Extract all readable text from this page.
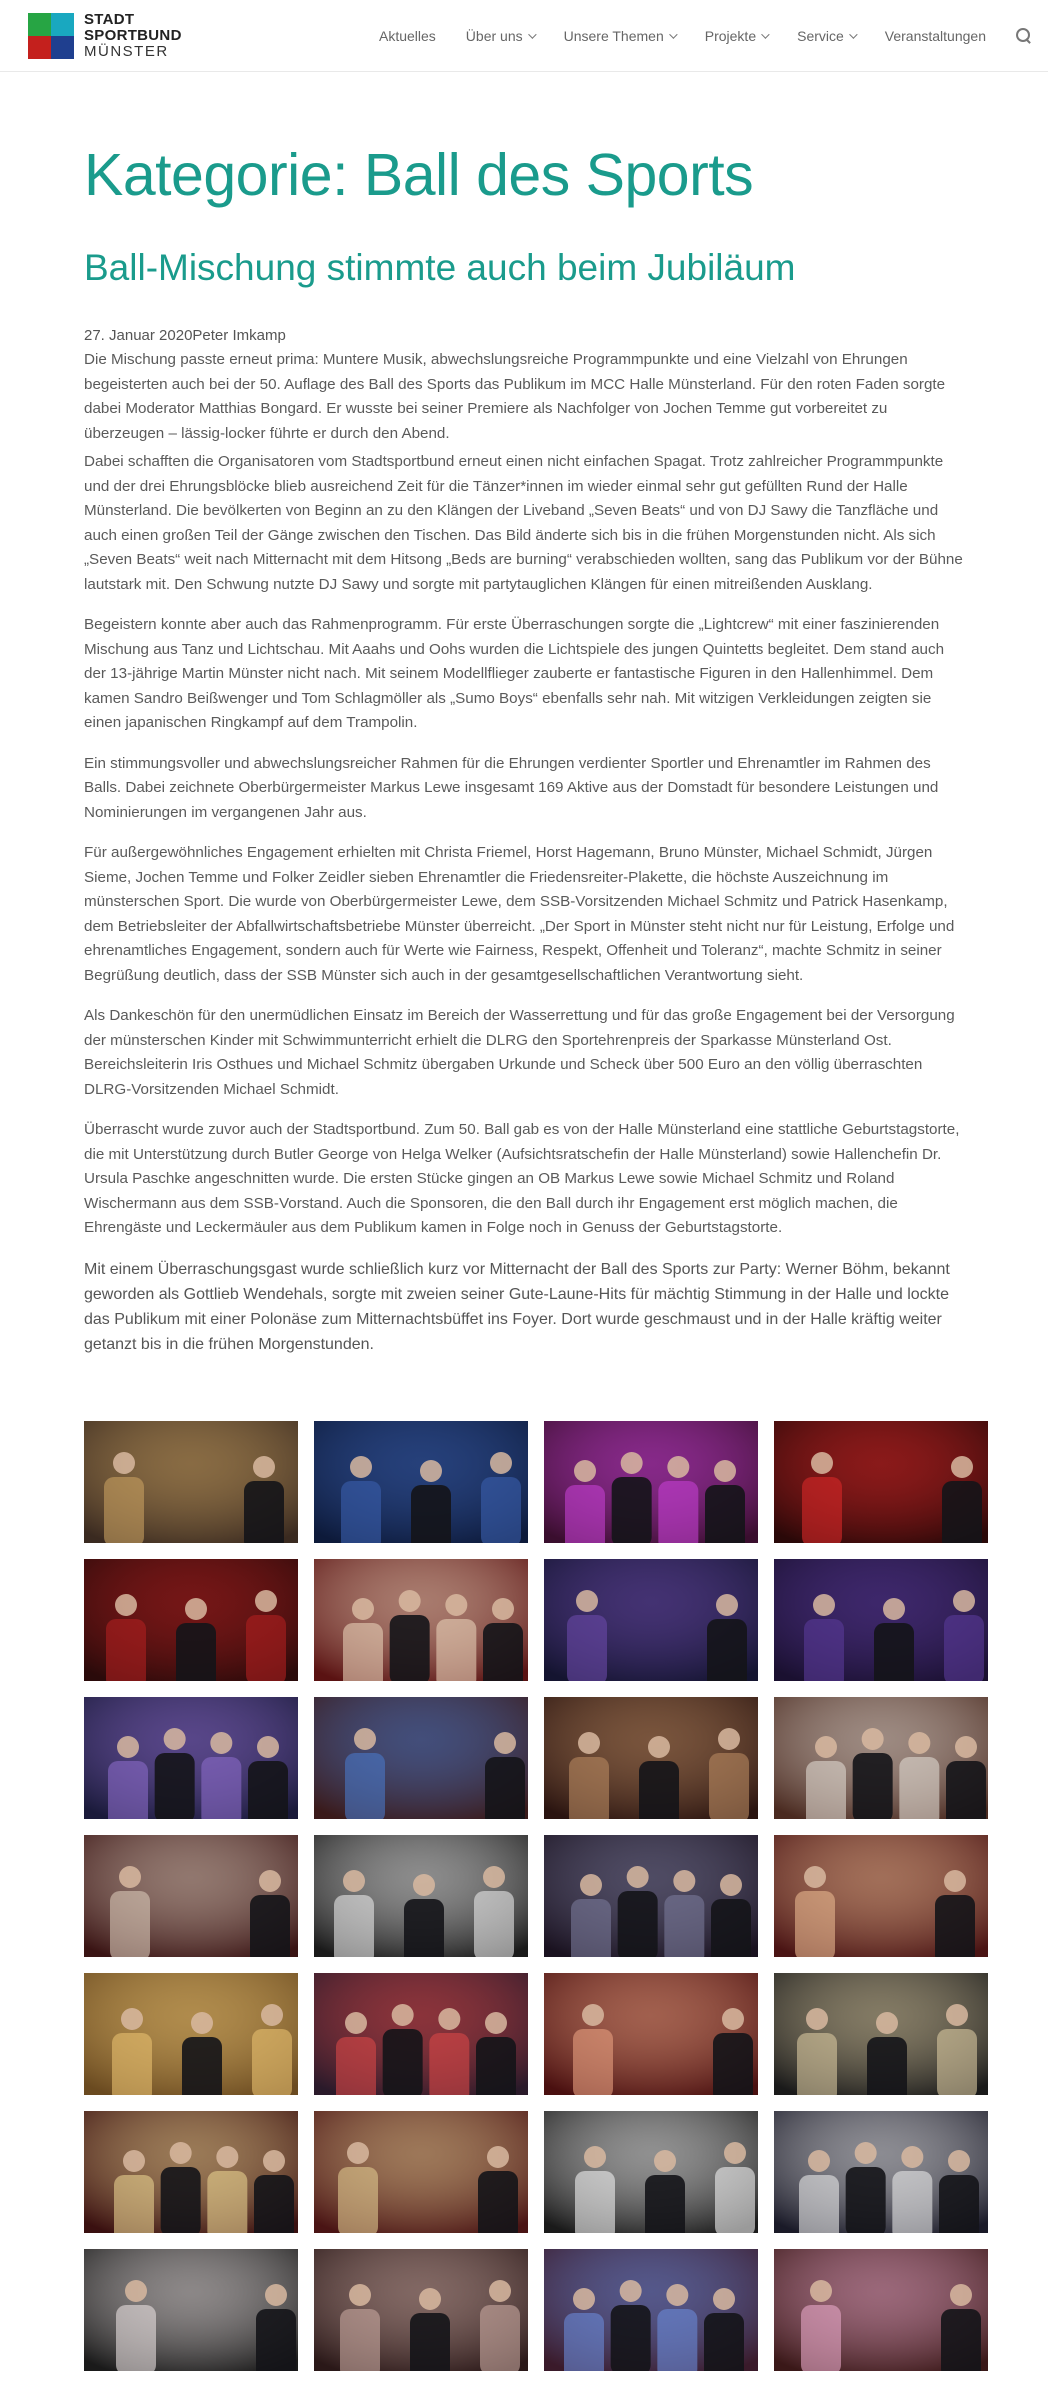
STADT
SPORTBUND
MÜNSTER
Aktuelles Über uns	Unsere Themen	Projekte	Service	Veranstaltungen
Kategorie: Ball des Sports
Ball-Mischung stimmte auch beim Jubiläum
27. Januar 2020Peter Imkamp

Die Mischung passte erneut prima: Muntere Musik, abwechslungsreiche Programmpunkte und eine Vielzahl von Ehrungen begeisterten auch bei der 50. Auflage des Ball des Sports das Publikum im MCC Halle Münsterland. Für den roten Faden sorgte dabei Moderator Matthias Bongard. Er wusste bei seiner Premiere als Nachfolger von Jochen Temme gut vorbereitet zu überzeugen – lässig-locker führte er durch den Abend.

Dabei schafften die Organisatoren vom Stadtsportbund erneut einen nicht einfachen Spagat. Trotz zahlreicher Programmpunkte und der drei Ehrungsblöcke blieb ausreichend Zeit für die Tänzer*innen im wieder einmal sehr gut gefüllten Rund der Halle Münsterland. Die bevölkerten von Beginn an zu den Klängen der Liveband „Seven Beats“ und von DJ Sawy die Tanzfläche und auch einen großen Teil der Gänge zwischen den Tischen. Das Bild änderte sich bis in die frühen Morgenstunden nicht. Als sich „Seven Beats“ weit nach Mitternacht mit dem Hitsong „Beds are burning“ verabschieden wollten, sang das Publikum vor der Bühne lautstark mit. Den Schwung nutzte DJ Sawy und sorgte mit partytauglichen Klängen für einen mitreißenden Ausklang.

Begeistern konnte aber auch das Rahmenprogramm. Für erste Überraschungen sorgte die „Lightcrew“ mit einer faszinierenden Mischung aus Tanz und Lichtschau. Mit Aaahs und Oohs wurden die Lichtspiele des jungen Quintetts begleitet. Dem stand auch der 13-jährige Martin Münster nicht nach. Mit seinem Modellflieger zauberte er fantastische Figuren in den Hallenhimmel. Dem kamen Sandro Beißwenger und Tom Schlagmöller als „Sumo Boys“ ebenfalls sehr nah. Mit witzigen Verkleidungen zeigten sie einen japanischen Ringkampf auf dem Trampolin.

Ein stimmungsvoller und abwechslungsreicher Rahmen für die Ehrungen verdienter Sportler und Ehrenamtler im Rahmen des Balls. Dabei zeichnete Oberbürgermeister Markus Lewe insgesamt 169 Aktive aus der Domstadt für besondere Leistungen und Nominierungen im vergangenen Jahr aus.

Für außergewöhnliches Engagement erhielten mit Christa Friemel, Horst Hagemann, Bruno Münster, Michael Schmidt, Jürgen Sieme, Jochen Temme und Folker Zeidler sieben Ehrenamtler die Friedensreiter-Plakette, die höchste Auszeichnung im münsterschen Sport. Die wurde von Oberbürgermeister Lewe, dem SSB-Vorsitzenden Michael Schmitz und Patrick Hasenkamp, dem Betriebsleiter der Abfallwirtschaftsbetriebe Münster überreicht. „Der Sport in Münster steht nicht nur für Leistung, Erfolge und ehrenamtliches Engagement, sondern auch für Werte wie Fairness, Respekt, Offenheit und Toleranz“, machte Schmitz in seiner Begrüßung deutlich, dass der SSB Münster sich auch in der gesamtgesellschaftlichen Verantwortung sieht.

Als Dankeschön für den unermüdlichen Einsatz im Bereich der Wasserrettung und für das große Engagement bei der Versorgung der münsterschen Kinder mit Schwimmunterricht erhielt die DLRG den Sportehrenpreis der Sparkasse Münsterland Ost. Bereichsleiterin Iris Osthues und Michael Schmitz übergaben Urkunde und Scheck über 500 Euro an den völlig überraschten DLRG-Vorsitzenden Michael Schmidt.

Überrascht wurde zuvor auch der Stadtsportbund. Zum 50. Ball gab es von der Halle Münsterland eine stattliche Geburtstagstorte, die mit Unterstützung durch Butler George von Helga Welker (Aufsichtsratschefin der Halle Münsterland) sowie Hallenchefin Dr. Ursula Paschke angeschnitten wurde. Die ersten Stücke gingen an OB Markus Lewe sowie Michael Schmitz und Roland Wischermann aus dem SSB-Vorstand. Auch die Sponsoren, die den Ball durch ihr Engagement erst möglich machen, die Ehrengäste und Leckermäuler aus dem Publikum kamen in Folge noch in Genuss der Geburtstagstorte.

Mit einem Überraschungsgast wurde schließlich kurz vor Mitternacht der Ball des Sports zur Party: Werner Böhm, bekannt geworden als Gottlieb Wendehals, sorgte mit zweien seiner Gute-Laune-Hits für mächtig Stimmung in der Halle und lockte das Publikum mit einer Polonäse zum Mitternachtsbüffet ins Foyer. Dort wurde geschmaust und in der Halle kräftig weiter getanzt bis in die frühen Morgenstunden.
